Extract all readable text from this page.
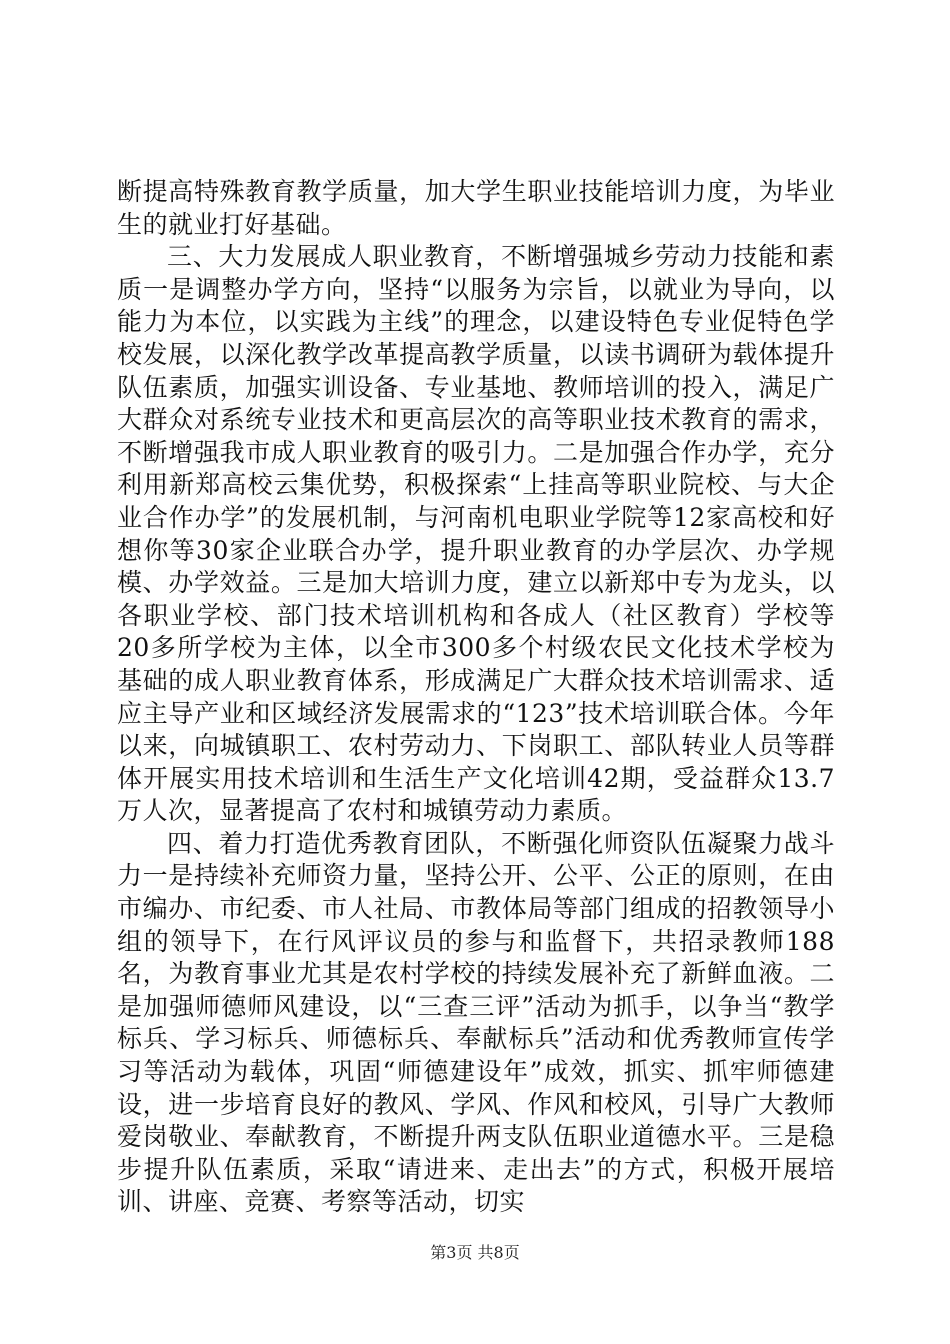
断提高特殊教育教学质量，加大学生职业技能培训力度，为毕业生的就业打好基础。

三、大力发展成人职业教育，不断增强城乡劳动力技能和素质一是调整办学方向，坚持“以服务为宗旨，以就业为导向，以能力为本位，以实践为主线”的理念，以建设特色专业促特色学校发展，以深化教学改革提高教学质量，以读书调研为载体提升队伍素质，加强实训设备、专业基地、教师培训的投入，满足广大群众对系统专业技术和更高层次的高等职业技术教育的需求，不断增强我市成人职业教育的吸引力。二是加强合作办学，充分利用新郑高校云集优势，积极探索“上挂高等职业院校、与大企业合作办学”的发展机制，与河南机电职业学院等12家高校和好想你等30家企业联合办学，提升职业教育的办学层次、办学规模、办学效益。三是加大培训力度，建立以新郑中专为龙头，以各职业学校、部门技术培训机构和各成人（社区教育）学校等20多所学校为主体，以全市300多个村级农民文化技术学校为基础的成人职业教育体系，形成满足广大群众技术培训需求、适应主导产业和区域经济发展需求的“123”技术培训联合体。今年以来，向城镇职工、农村劳动力、下岗职工、部队转业人员等群体开展实用技术培训和生活生产文化培训42期，受益群众13.7万人次，显著提高了农村和城镇劳动力素质。

四、着力打造优秀教育团队，不断强化师资队伍凝聚力战斗力一是持续补充师资力量，坚持公开、公平、公正的原则，在由市编办、市纪委、市人社局、市教体局等部门组成的招教领导小组的领导下，在行风评议员的参与和监督下，共招录教师188名，为教育事业尤其是农村学校的持续发展补充了新鲜血液。二是加强师德师风建设，以“三查三评”活动为抓手，以争当“教学标兵、学习标兵、师德标兵、奉献标兵”活动和优秀教师宣传学习等活动为载体，巩固“师德建设年”成效，抓实、抓牢师德建设，进一步培育良好的教风、学风、作风和校风，引导广大教师爱岗敬业、奉献教育，不断提升两支队伍职业道德水平。三是稳步提升队伍素质，采取“请进来、走出去”的方式，积极开展培训、讲座、竞赛、考察等活动，切实

第3页 共8页
